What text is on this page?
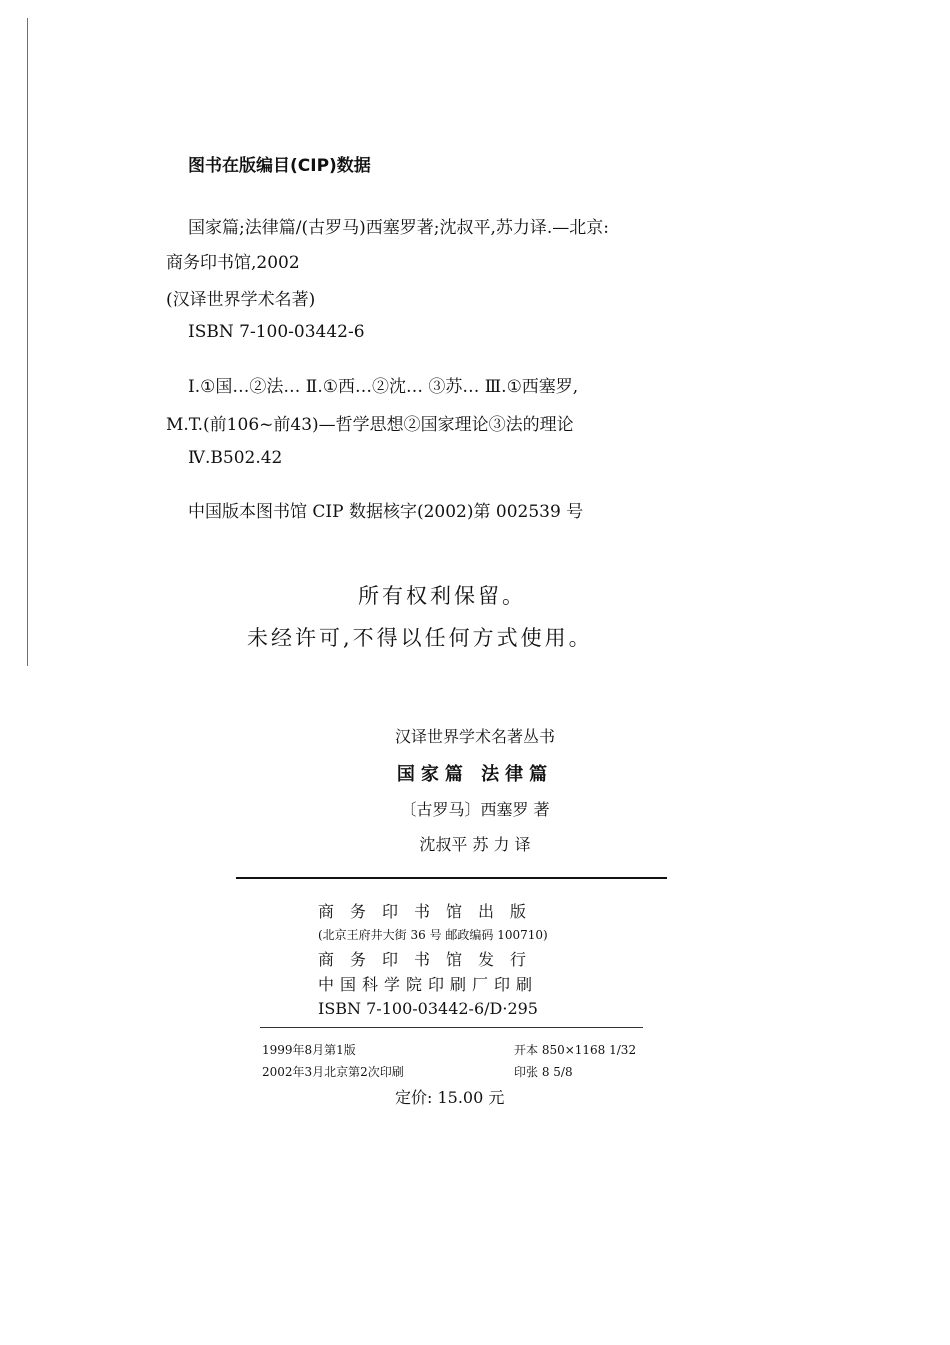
图书在版编目(CIP)数据
国家篇;法律篇/(古罗马)西塞罗著;沈叔平,苏力译.—北京:
商务印书馆,2002
(汉译世界学术名著)
ISBN 7-100-03442-6
Ⅰ.①国…②法… Ⅱ.①西…②沈… ③苏… Ⅲ.①西塞罗,
M.T.(前106~前43)—哲学思想②国家理论③法的理论
Ⅳ.B502.42
中国版本图书馆 CIP 数据核字(2002)第 002539 号
所有权利保留。
未经许可,不得以任何方式使用。
汉译世界学术名著丛书
国家篇 法律篇
〔古罗马〕西塞罗 著
沈叔平 苏 力 译
商务印书馆出版
(北京王府井大街 36 号 邮政编码 100710)
商务印书馆发行
中国科学院印刷厂印刷
ISBN 7-100-03442-6/D·295
1999年8月第1版	开本 850×1168 1/32
2002年3月北京第2次印刷	印张 8 5/8
定价: 15.00 元
